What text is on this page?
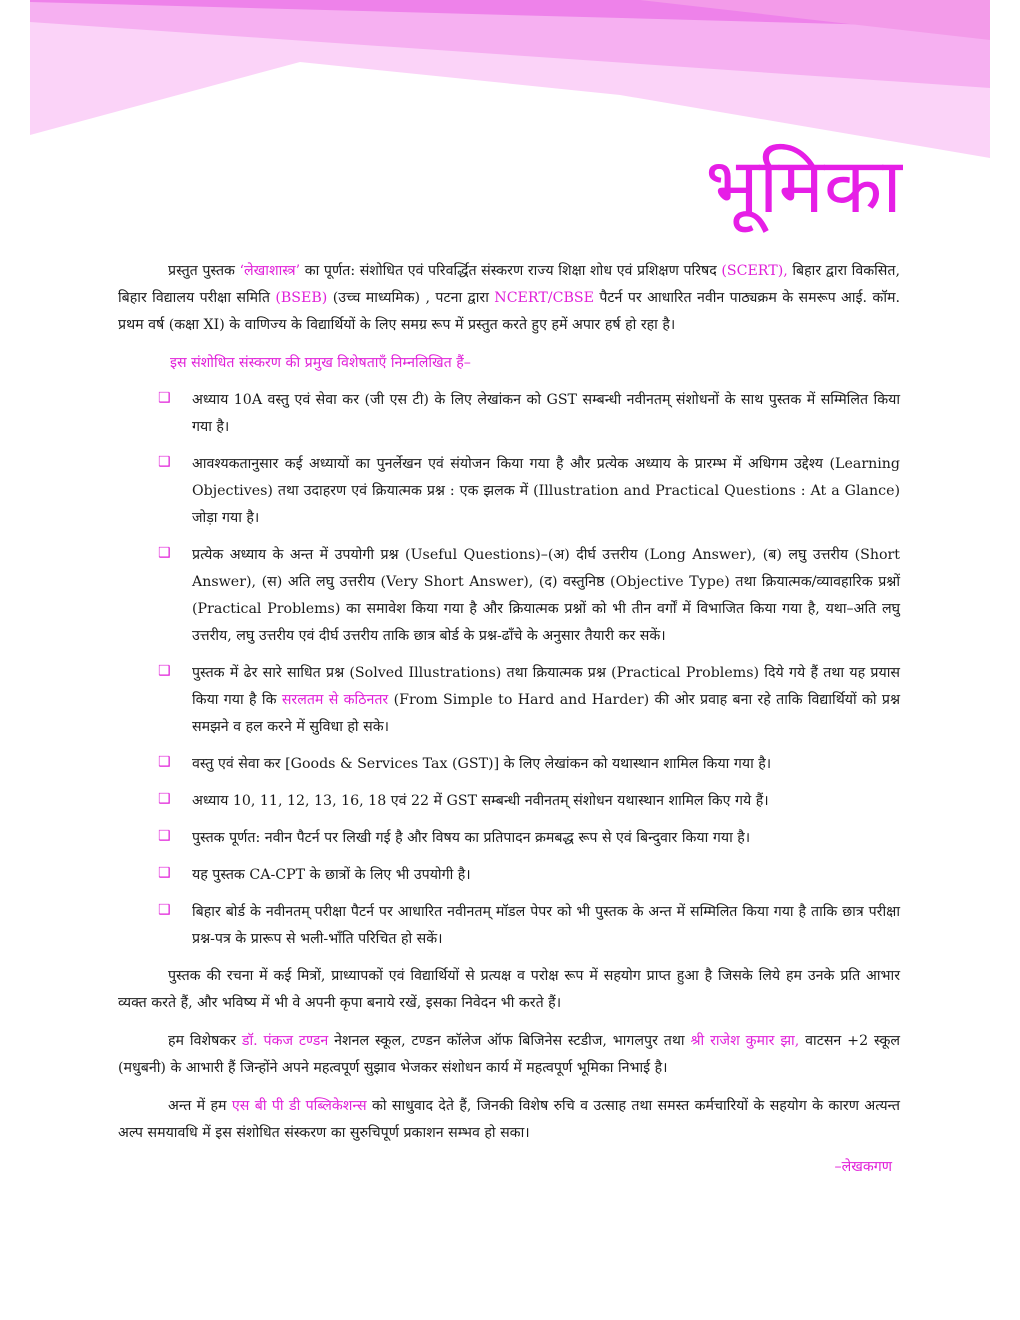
भूमिका

प्रस्तुत पुस्तक ‘लेखाशास्त्र’ का पूर्णत: संशोधित एवं परिवर्द्धित संस्करण राज्य शिक्षा शोध एवं प्रशिक्षण परिषद (SCERT), बिहार द्वारा विकसित, बिहार विद्यालय परीक्षा समिति (BSEB) (उच्च माध्यमिक) , पटना द्वारा NCERT/CBSE पैटर्न पर आधारित नवीन पाठ्यक्रम के समरूप आई. कॉम. प्रथम वर्ष (कक्षा XI) के वाणिज्य के विद्यार्थियों के लिए समग्र रूप में प्रस्तुत करते हुए हमें अपार हर्ष हो रहा है।

इस संशोधित संस्करण की प्रमुख विशेषताएँ निम्नलिखित हैं–

❑ अध्याय 10A वस्तु एवं सेवा कर (जी एस टी) के लिए लेखांकन को GST सम्बन्धी नवीनतम् संशोधनों के साथ पुस्तक में सम्मिलित किया गया है।
❑ आवश्यकतानुसार कई अध्यायों का पुनर्लेखन एवं संयोजन किया गया है और प्रत्येक अध्याय के प्रारम्भ में अधिगम उद्देश्य (Learning Objectives) तथा उदाहरण एवं क्रियात्मक प्रश्न : एक झलक में (Illustration and Practical Questions : At a Glance) जोड़ा गया है।
❑ प्रत्येक अध्याय के अन्त में उपयोगी प्रश्न (Useful Questions)–(अ) दीर्घ उत्तरीय (Long Answer), (ब) लघु उत्तरीय (Short Answer), (स) अति लघु उत्तरीय (Very Short Answer), (द) वस्तुनिष्ठ (Objective Type) तथा क्रियात्मक/व्यावहारिक प्रश्नों (Practical Problems) का समावेश किया गया है और क्रियात्मक प्रश्नों को भी तीन वर्गों में विभाजित किया गया है, यथा–अति लघु उत्तरीय, लघु उत्तरीय एवं दीर्घ उत्तरीय ताकि छात्र बोर्ड के प्रश्न-ढाँचे के अनुसार तैयारी कर सकें।
❑ पुस्तक में ढेर सारे साधित प्रश्न (Solved Illustrations) तथा क्रियात्मक प्रश्न (Practical Problems) दिये गये हैं तथा यह प्रयास किया गया है कि सरलतम से कठिनतर (From Simple to Hard and Harder) की ओर प्रवाह बना रहे ताकि विद्यार्थियों को प्रश्न समझने व हल करने में सुविधा हो सके।
❑ वस्तु एवं सेवा कर [Goods & Services Tax (GST)] के लिए लेखांकन को यथास्थान शामिल किया गया है।
❑ अध्याय 10, 11, 12, 13, 16, 18 एवं 22 में GST सम्बन्धी नवीनतम् संशोधन यथास्थान शामिल किए गये हैं।
❑ पुस्तक पूर्णत: नवीन पैटर्न पर लिखी गई है और विषय का प्रतिपादन क्रमबद्ध रूप से एवं बिन्दुवार किया गया है।
❑ यह पुस्तक CA-CPT के छात्रों के लिए भी उपयोगी है।
❑ बिहार बोर्ड के नवीनतम् परीक्षा पैटर्न पर आधारित नवीनतम् मॉडल पेपर को भी पुस्तक के अन्त में सम्मिलित किया गया है ताकि छात्र परीक्षा प्रश्न-पत्र के प्रारूप से भली-भाँति परिचित हो सकें।

पुस्तक की रचना में कई मित्रों, प्राध्यापकों एवं विद्यार्थियों से प्रत्यक्ष व परोक्ष रूप में सहयोग प्राप्त हुआ है जिसके लिये हम उनके प्रति आभार व्यक्त करते हैं, और भविष्य में भी वे अपनी कृपा बनाये रखें, इसका निवेदन भी करते हैं।

हम विशेषकर डॉ. पंकज टण्डन नेशनल स्कूल, टण्डन कॉलेज ऑफ बिजिनेस स्टडीज, भागलपुर तथा श्री राजेश कुमार झा, वाटसन +2 स्कूल (मधुबनी) के आभारी हैं जिन्होंने अपने महत्वपूर्ण सुझाव भेजकर संशोधन कार्य में महत्वपूर्ण भूमिका निभाई है।

अन्त में हम एस बी पी डी पब्लिकेशन्स को साधुवाद देते हैं, जिनकी विशेष रुचि व उत्साह तथा समस्त कर्मचारियों के सहयोग के कारण अत्यन्त अल्प समयावधि में इस संशोधित संस्करण का सुरुचिपूर्ण प्रकाशन सम्भव हो सका।

–लेखकगण
